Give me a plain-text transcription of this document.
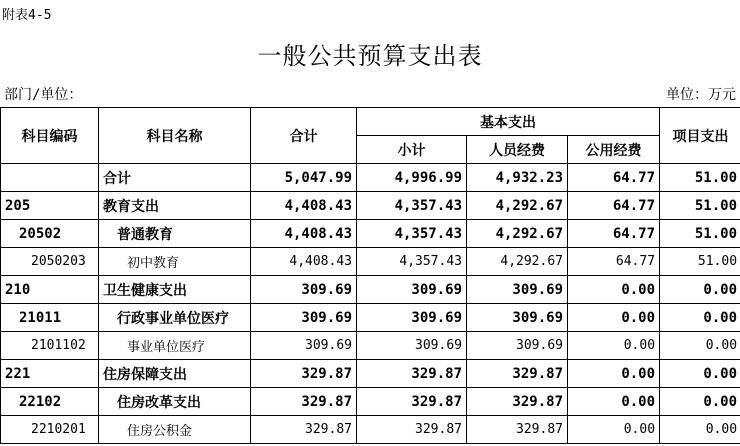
附表4-5
一般公共预算支出表
部门/单位：	单位：万元
科目编码	科目名称	合计	基本支出			项目支出
			小计	人员经费	公用经费	
	合计	5,047.99	4,996.99	4,932.23	64.77	51.00
205	教育支出	4,408.43	4,357.43	4,292.67	64.77	51.00
20502	普通教育	4,408.43	4,357.43	4,292.67	64.77	51.00
2050203	初中教育	4,408.43	4,357.43	4,292.67	64.77	51.00
210	卫生健康支出	309.69	309.69	309.69	0.00	0.00
21011	行政事业单位医疗	309.69	309.69	309.69	0.00	0.00
2101102	事业单位医疗	309.69	309.69	309.69	0.00	0.00
221	住房保障支出	329.87	329.87	329.87	0.00	0.00
22102	住房改革支出	329.87	329.87	329.87	0.00	0.00
2210201	住房公积金	329.87	329.87	329.87	0.00	0.00
